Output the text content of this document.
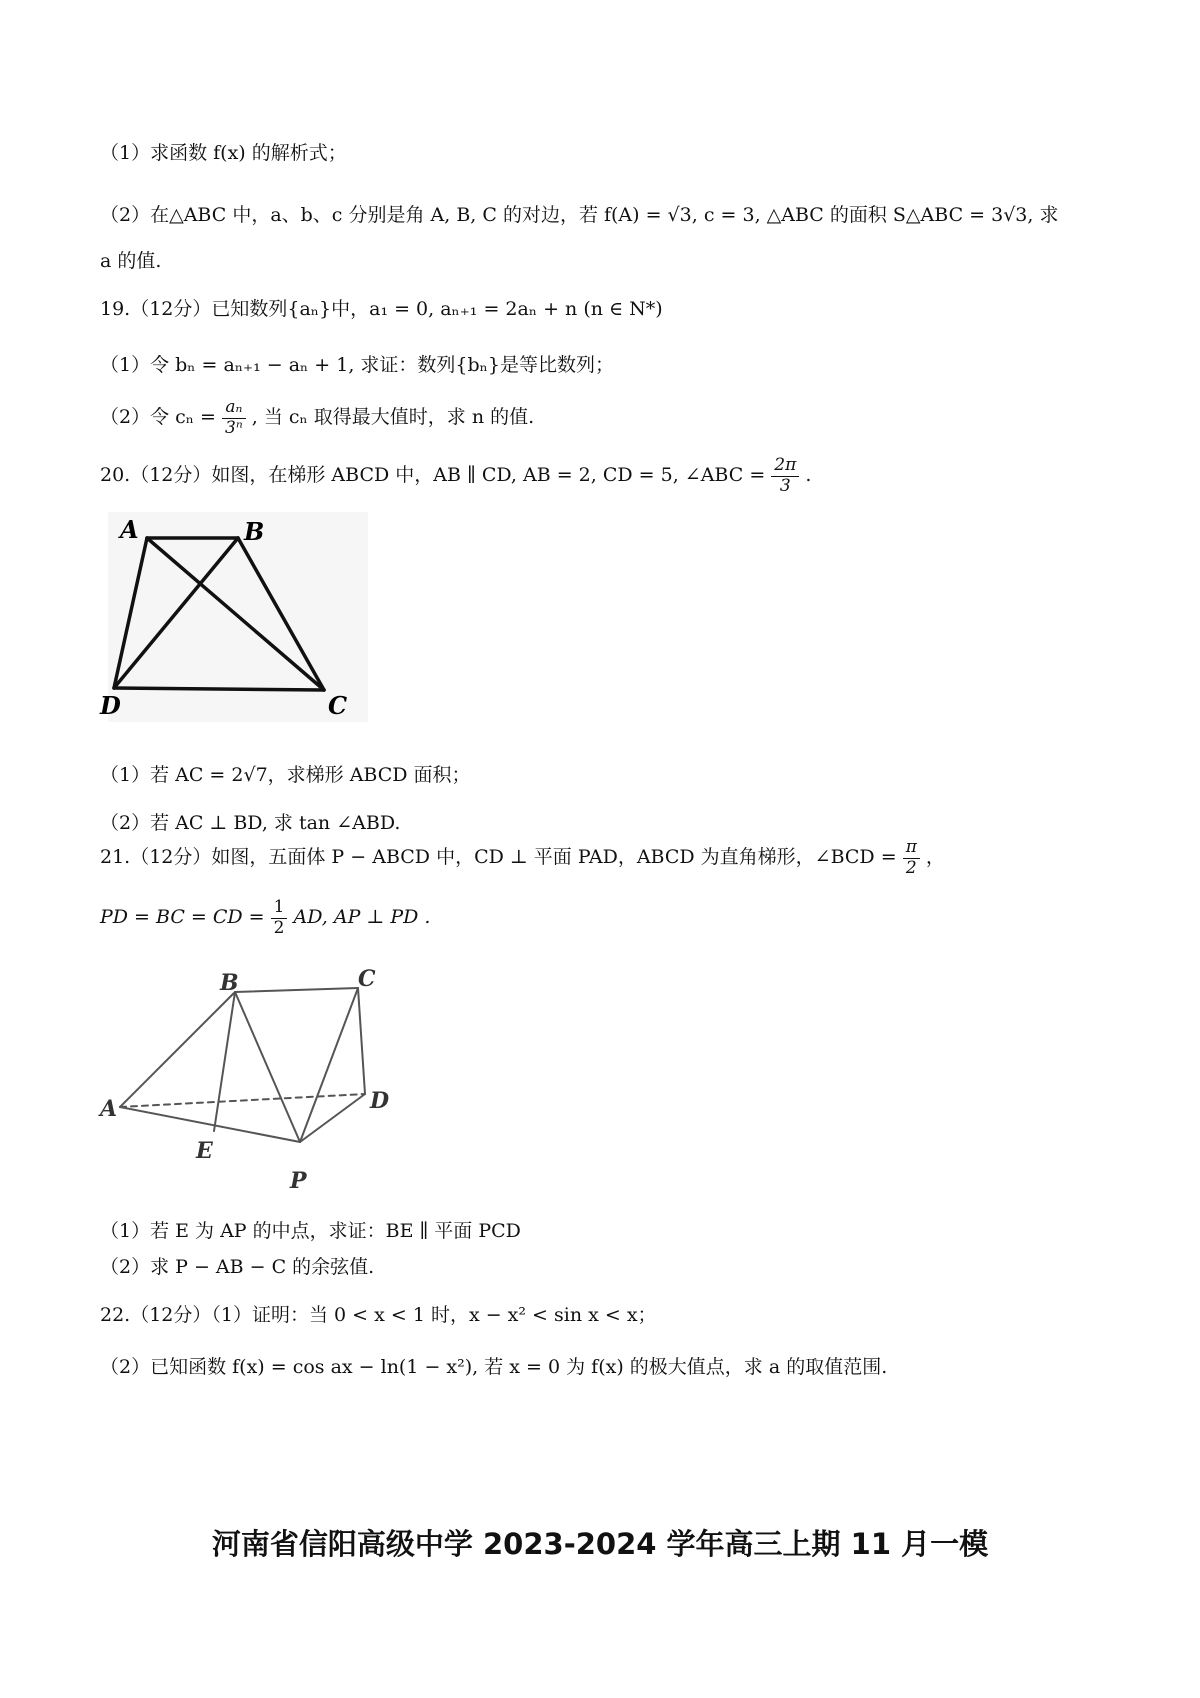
（1）求函数 f(x) 的解析式；
（2）在△ABC 中，a、b、c 分别是角 A, B, C 的对边，若 f(A) = √3, c = 3, △ABC 的面积 S△ABC = 3√3, 求
a 的值.
19.（12分）已知数列{aₙ}中，a₁ = 0, aₙ₊₁ = 2aₙ + n (n ∈ N*)
（1）令 bₙ = aₙ₊₁ − aₙ + 1, 求证：数列{bₙ}是等比数列；
（2）令 $c_n = \frac{\text{aₙ}}{\text{3ⁿ}}$ , 当 cₙ 取得最大值时，求 n 的值.
20.（12分）如图，在梯形 ABCD 中，AB ∥ CD, AB = 2, CD = 5, ∠ABC = $\frac{2\pi}{3}$ .
A	B
C
D
（1）若 AC = 2√7，求梯形 ABCD 面积；
（2）若 AC ⊥ BD, 求 tan ∠ABD.
21.（12分）如图，五面体 P − ABCD 中，CD ⊥ 平面 PAD，ABCD 为直角梯形，∠BCD = $\frac{\pi}{2}$ ，
PD = BC = CD = $\frac{1}{2}$ AD, AP ⊥ PD .
B	C
A	D
E
P
（1）若 E 为 AP 的中点，求证：BE ∥ 平面 PCD
（2）求 P − AB − C 的余弦值.
22.（12分）（1）证明：当 0 < x < 1 时，x − x² < sin x < x；
（2）已知函数 f(x) = cos ax − ln(1 − x²), 若 x = 0 为 f(x) 的极大值点，求 a 的取值范围.
河南省信阳高级中学 2023-2024 学年高三上期 11 月一模
